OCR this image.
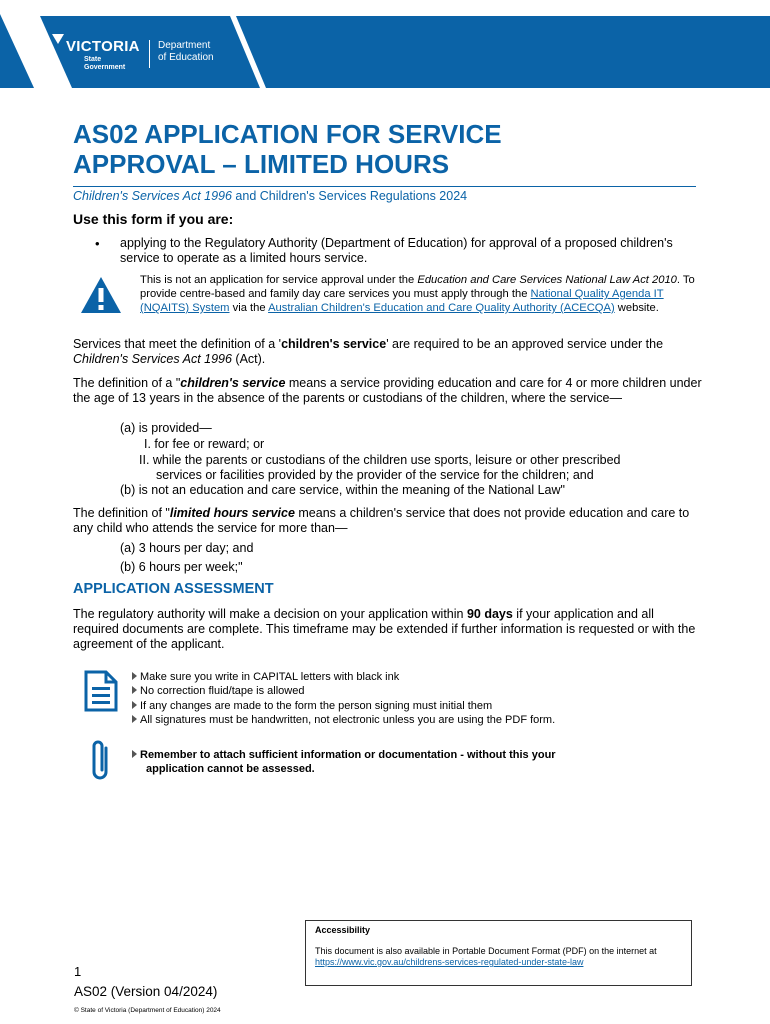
VICTORIA
State
Government
Department
of Education
AS02 APPLICATION FOR SERVICE
APPROVAL – LIMITED HOURS
Children's Services Act 1996 and Children's Services Regulations 2024
Use this form if you are:
• applying to the Regulatory Authority (Department of Education) for approval of a proposed children's service to operate as a limited hours service.
This is not an application for service approval under the Education and Care Services National Law Act 2010. To provide centre-based and family day care services you must apply through the National Quality Agenda IT (NQAITS) System via the Australian Children's Education and Care Quality Authority (ACECQA) website.
Services that meet the definition of a 'children's service' are required to be an approved service under the Children's Services Act 1996 (Act).
The definition of a "children's service means a service providing education and care for 4 or more children under the age of 13 years in the absence of the parents or custodians of the children, where the service—
(a) is provided—
I. for fee or reward; or
II. while the parents or custodians of the children use sports, leisure or other prescribed
services or facilities provided by the provider of the service for the children; and
(b) is not an education and care service, within the meaning of the National Law"
The definition of "limited hours service means a children's service that does not provide education and care to any child who attends the service for more than—
(a) 3 hours per day; and
(b) 6 hours per week;"
APPLICATION ASSESSMENT
The regulatory authority will make a decision on your application within 90 days if your application and all required documents are complete. This timeframe may be extended if further information is requested or with the agreement of the applicant.
Make sure you write in CAPITAL letters with black ink
No correction fluid/tape is allowed
If any changes are made to the form the person signing must initial them
All signatures must be handwritten, not electronic unless you are using the PDF form.
Remember to attach sufficient information or documentation - without this your
application cannot be assessed.
Accessibility
This document is also available in Portable Document Format (PDF) on the internet at https://www.vic.gov.au/childrens-services-regulated-under-state-law
1
AS02 (Version 04/2024)
© State of Victoria (Department of Education) 2024
